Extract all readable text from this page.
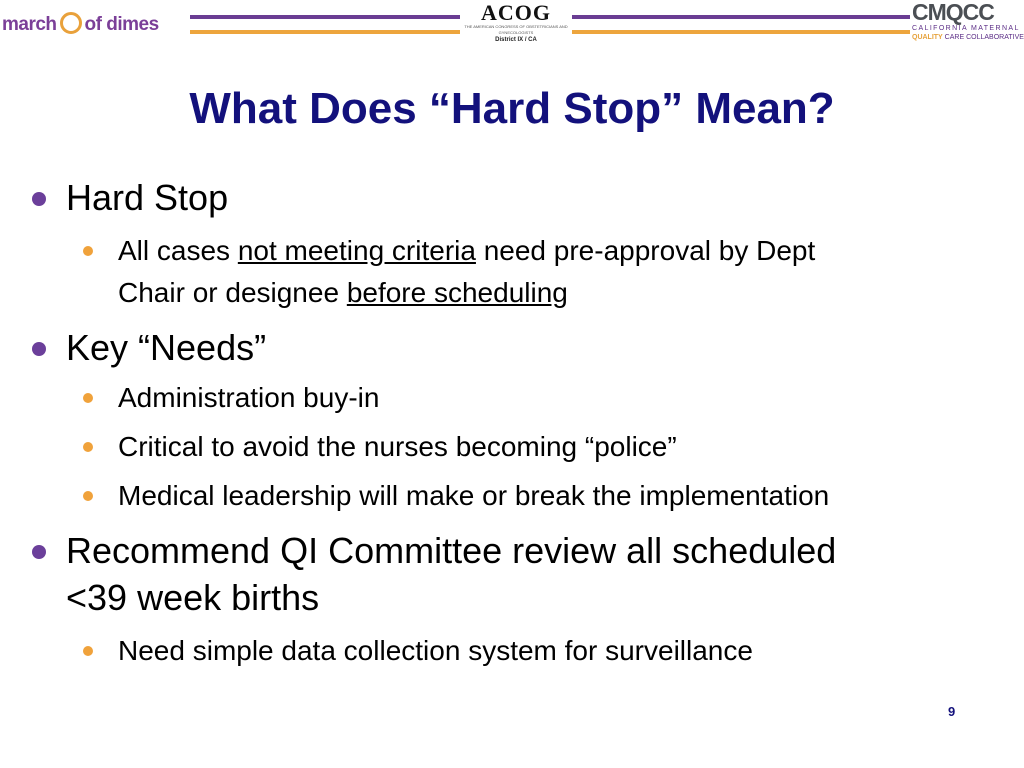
march of dimes	ACOG
THE AMERICAN CONGRESS OF OBSTETRICIANS AND GYNECOLOGISTS
District IX / CA
CMQCC
CALIFORNIA MATERNAL
QUALITY CARE COLLABORATIVE
What Does “Hard Stop” Mean?
Hard Stop
All cases not meeting criteria need pre-approval by Dept
Chair or designee before scheduling
Key “Needs”
Administration buy-in
Critical to avoid the nurses becoming “police”
Medical leadership will make or break the implementation
Recommend QI Committee review all scheduled
<39 week births
Need simple data collection system for surveillance
9
